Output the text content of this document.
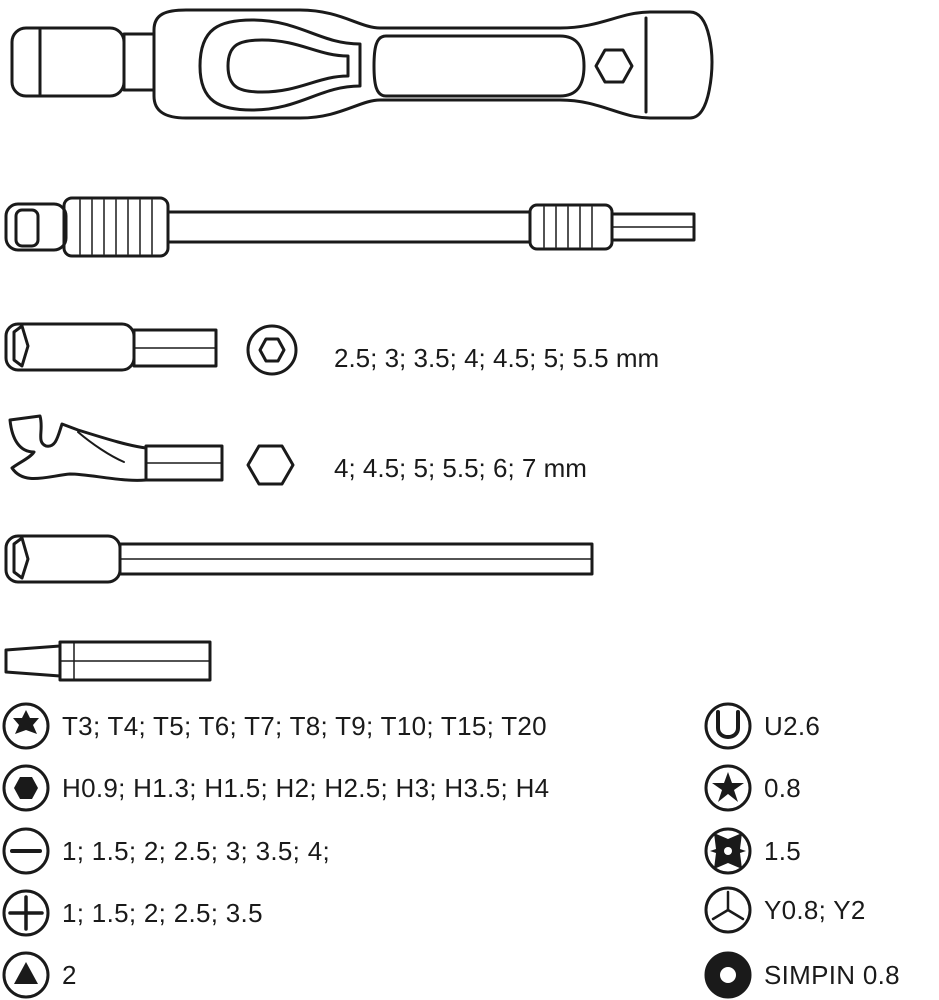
2.5; 3; 3.5; 4; 4.5; 5; 5.5 mm
4; 4.5; 5; 5.5; 6; 7 mm
T3; T4; T5; T6; T7; T8; T9; T10; T15; T20
H0.9; H1.3; H1.5; H2; H2.5; H3; H3.5; H4
1; 1.5; 2; 2.5; 3; 3.5; 4;
1; 1.5; 2; 2.5; 3.5
2
U2.6
0.8
1.5
Y0.8; Y2
SIMPIN 0.8
